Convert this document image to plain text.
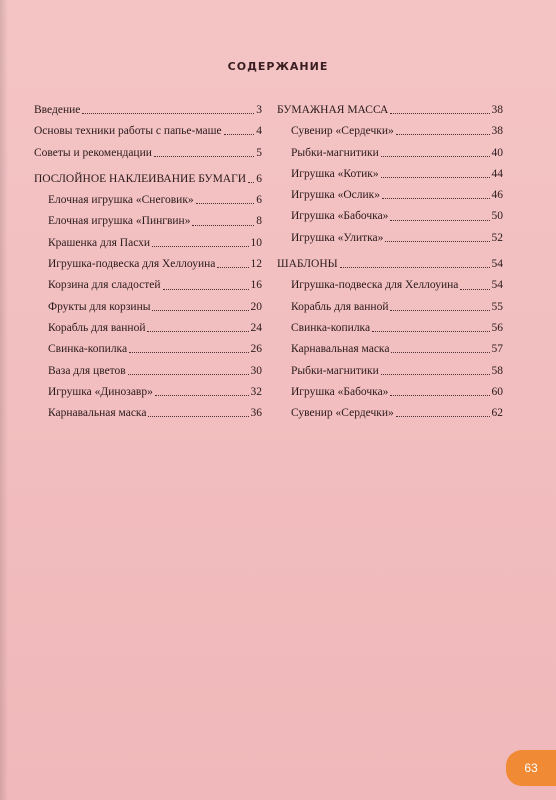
содержание
Введение	3
Основы техники работы с папье-маше	4
Советы и рекомендации	5
ПОСЛОЙНОЕ НАКЛЕИВАНИЕ БУМАГИ 6
Елочная игрушка «Снеговик»	6
Елочная игрушка «Пингвин»	8
Крашенка для Пасхи	10
Игрушка-подвеска для Хеллоуина	12
Корзина для сладостей	16
Фрукты для корзины	20
Корабль для ванной	24
Свинка-копилка	26
Ваза для цветов	30
Игрушка «Динозавр»	32
Карнавальная маска	36
БУМАЖНАЯ МАССА	38
Сувенир «Сердечки»	38
Рыбки-магнитики	40
Игрушка «Котик»	44
Игрушка «Ослик»	46
Игрушка «Бабочка»	50
Игрушка «Улитка»	52
ШАБЛОНЫ	54
Игрушка-подвеска для Хеллоуина	54
Корабль для ванной	55
Свинка-копилка	56
Карнавальная маска	57
Рыбки-магнитики	58
Игрушка «Бабочка»	60
Сувенир «Сердечки»	62
63
